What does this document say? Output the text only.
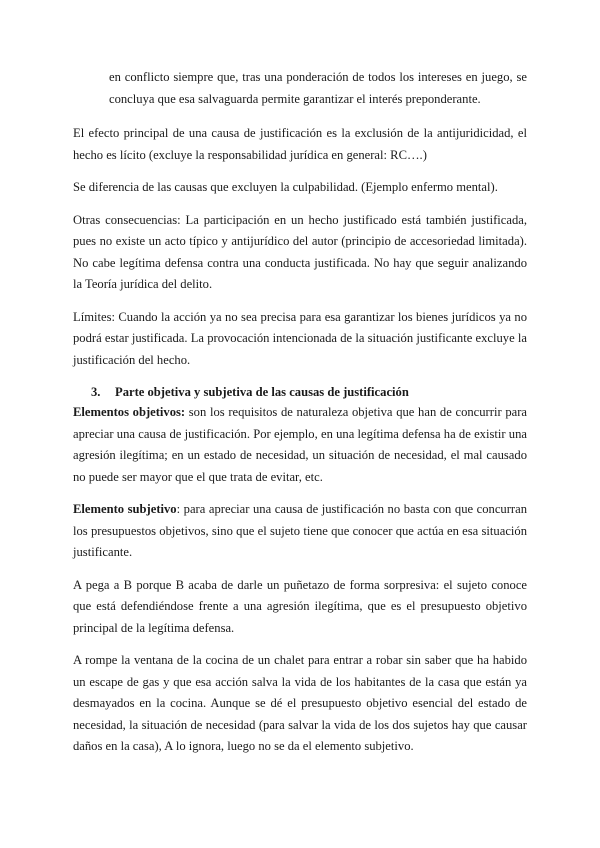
en conflicto siempre que, tras una ponderación de todos los intereses en juego, se concluya que esa salvaguarda permite garantizar el interés preponderante.

El efecto principal de una causa de justificación es la exclusión de la antijuridicidad, el hecho es lícito (excluye la responsabilidad jurídica en general: RC….)

Se diferencia de las causas que excluyen la culpabilidad. (Ejemplo enfermo mental).

Otras consecuencias: La participación en un hecho justificado está también justificada, pues no existe un acto típico y antijurídico del autor (principio de accesoriedad limitada). No cabe legítima defensa contra una conducta justificada. No hay que seguir analizando la Teoría jurídica del delito.

Límites: Cuando la acción ya no sea precisa para esa garantizar los bienes jurídicos ya no podrá estar justificada. La provocación intencionada de la situación justificante excluye la justificación del hecho.

3. Parte objetiva y subjetiva de las causas de justificación

Elementos objetivos: son los requisitos de naturaleza objetiva que han de concurrir para apreciar una causa de justificación. Por ejemplo, en una legítima defensa ha de existir una agresión ilegítima; en un estado de necesidad, un situación de necesidad, el mal causado no puede ser mayor que el que trata de evitar, etc.

Elemento subjetivo: para apreciar una causa de justificación no basta con que concurran los presupuestos objetivos, sino que el sujeto tiene que conocer que actúa en esa situación justificante.

A pega a B porque B acaba de darle un puñetazo de forma sorpresiva: el sujeto conoce que está defendiéndose frente a una agresión ilegítima, que es el presupuesto objetivo principal de la legítima defensa.

A rompe la ventana de la cocina de un chalet para entrar a robar sin saber que ha habido un escape de gas y que esa acción salva la vida de los habitantes de la casa que están ya desmayados en la cocina. Aunque se dé el presupuesto objetivo esencial del estado de necesidad, la situación de necesidad (para salvar la vida de los dos sujetos hay que causar daños en la casa), A lo ignora, luego no se da el elemento subjetivo.
